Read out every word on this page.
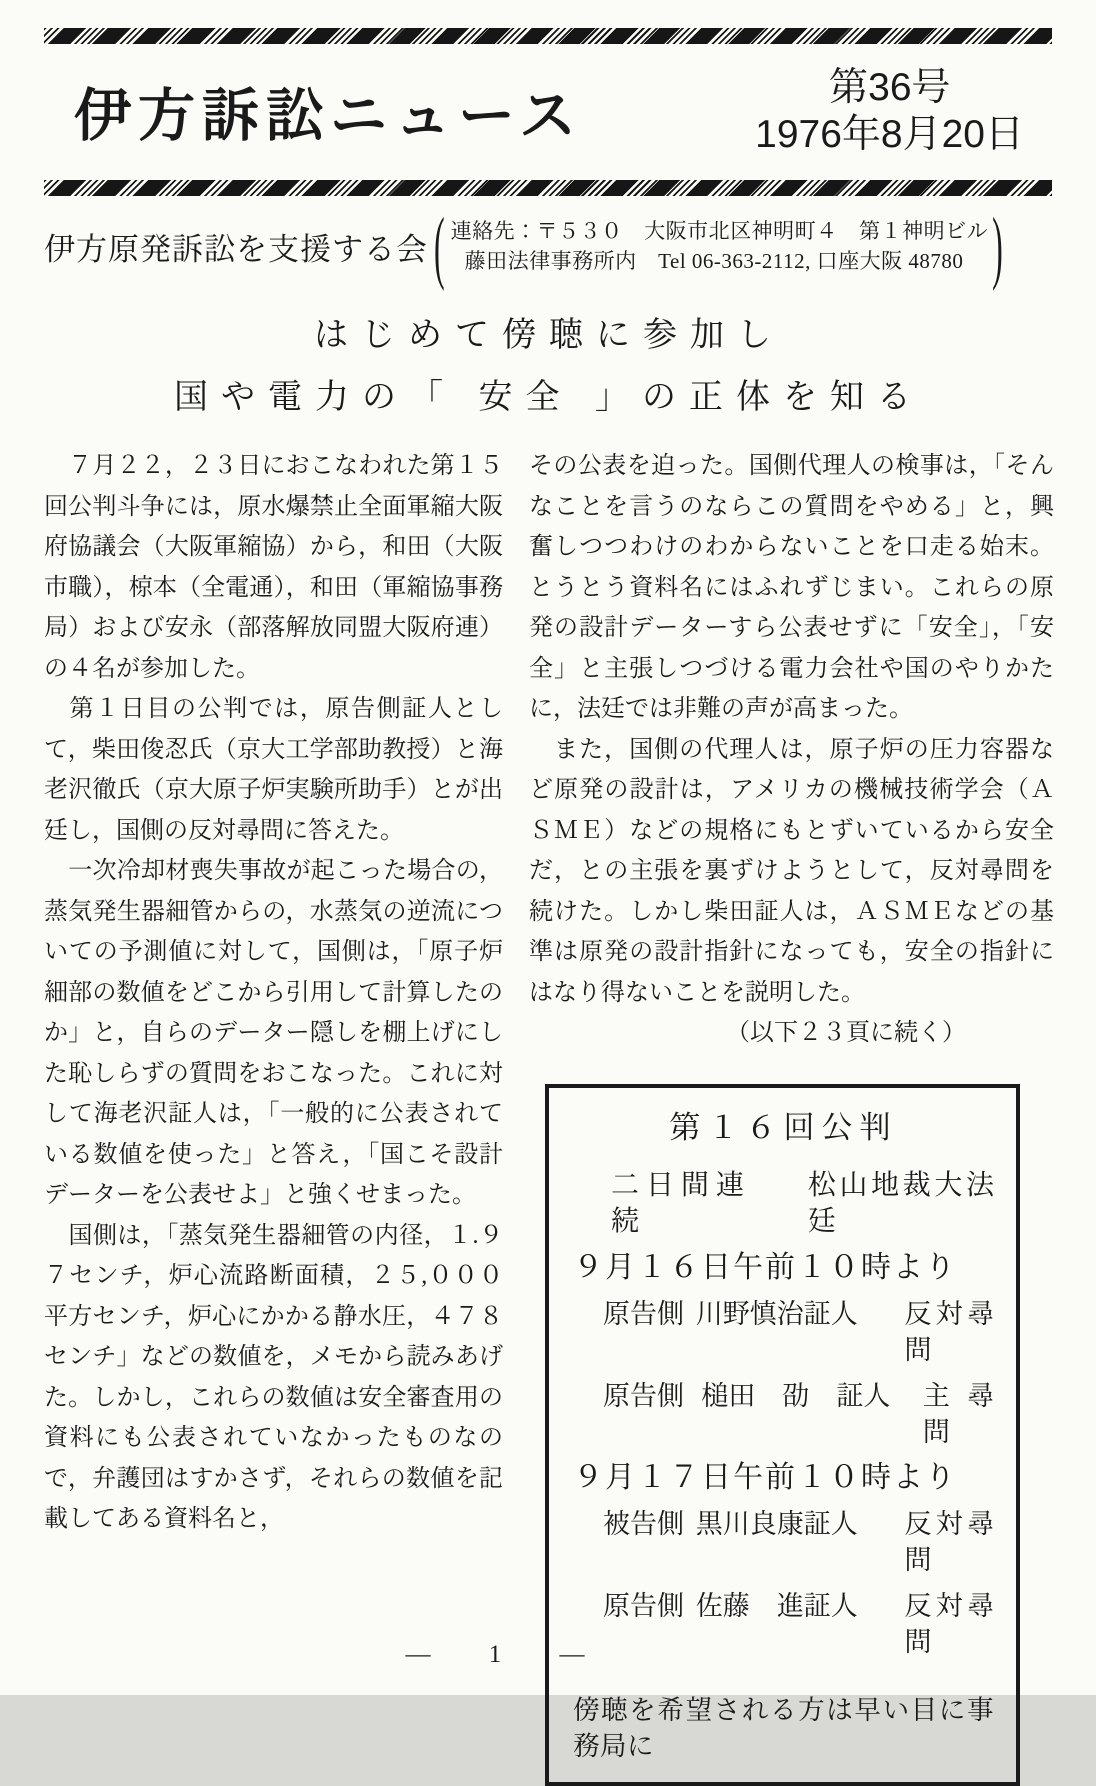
伊方訴訟ニュース	第36号
1976年8月20日
伊方原発訴訟を支援する会 ( 連絡先：〒５３０　大阪市北区神明町４　第１神明ビル
藤田法律事務所内　Tel 06-363-2112, 口座大阪 48780 )
はじめて傍聴に参加し
国や電力の「 安全 」の正体を知る

　７月２２，２３日におこなわれた第１５回公判斗争には，原水爆禁止全面軍縮大阪府協議会（大阪軍縮協）から，和田（大阪市職），椋本（全電通），和田（軍縮協事務局）および安永（部落解放同盟大阪府連）の４名が参加した。

　第１日目の公判では，原告側証人として，柴田俊忍氏（京大工学部助教授）と海老沢徹氏（京大原子炉実験所助手）とが出廷し，国側の反対尋問に答えた。

　一次冷却材喪失事故が起こった場合の，蒸気発生器細管からの，水蒸気の逆流についての予測値に対して，国側は，「原子炉細部の数値をどこから引用して計算したのか」と，自らのデーター隠しを棚上げにした恥しらずの質問をおこなった。これに対して海老沢証人は，「一般的に公表されている数値を使った」と答え，「国こそ設計データーを公表せよ」と強くせまった。

　国側は，「蒸気発生器細管の内径，１.９７センチ，炉心流路断面積，２５,０００平方センチ，炉心にかかる静水圧，４７８センチ」などの数値を，メモから読みあげた。しかし，これらの数値は安全審査用の資料にも公表されていなかったものなので，弁護団はすかさず，それらの数値を記載してある資料名と，

その公表を迫った。国側代理人の検事は，「そんなことを言うのならこの質問をやめる」と，興奮しつつわけのわからないことを口走る始末。とうとう資料名にはふれずじまい。これらの原発の設計データーすら公表せずに「安全」，「安全」と主張しつづける電力会社や国のやりかたに，法廷では非難の声が高まった。

　また，国側の代理人は，原子炉の圧力容器など原発の設計は，アメリカの機械技術学会（ＡＳＭＥ）などの規格にもとずいているから安全だ，との主張を裏ずけようとして，反対尋問を続けた。しかし柴田証人は，ＡＳＭＥなどの基準は原発の設計指針になっても，安全の指針にはなり得ないことを説明した。

（以下２３頁に続く）

第１６回公判
二日間連続
松山地裁大法廷
９月１６日午前１０時より
原告側 川野慎治証人	反対尋問
原告側 槌田　劭　証人	主尋問
９月１７日午前１０時より
被告側 黒川良康証人	反対尋問
原告側 佐藤　進証人	反対尋問
傍聴を希望される方は早い目に事務局に
― 1 ―
